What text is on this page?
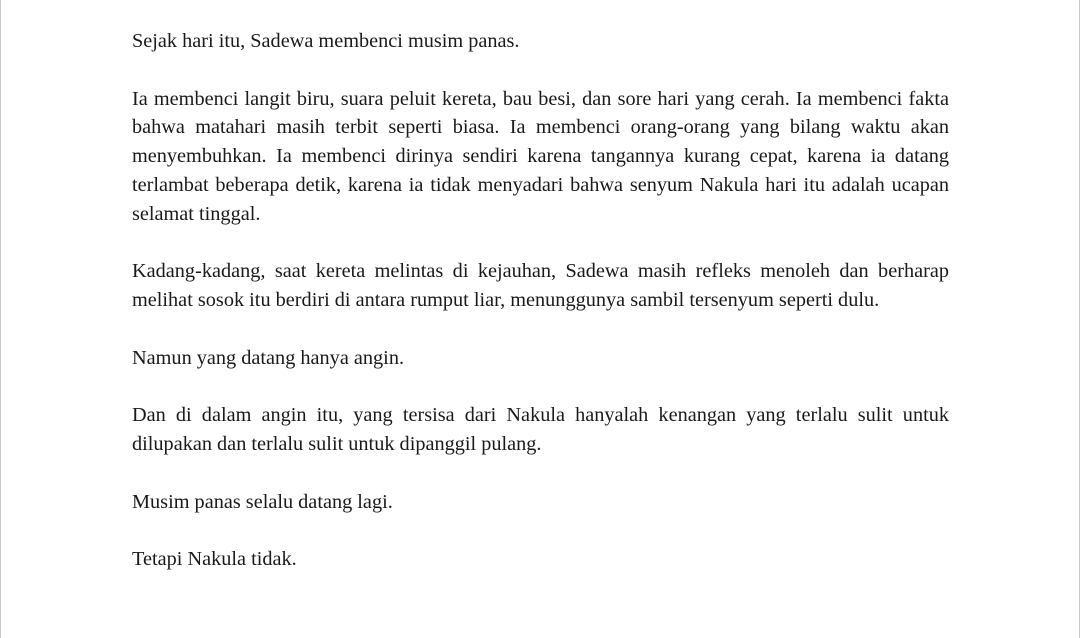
Sejak hari itu, Sadewa membenci musim panas.

Ia membenci langit biru, suara peluit kereta, bau besi, dan sore hari yang cerah. Ia membenci fakta bahwa matahari masih terbit seperti biasa. Ia membenci orang-orang yang bilang waktu akan menyembuhkan. Ia membenci dirinya sendiri karena tangannya kurang cepat, karena ia datang terlambat beberapa detik, karena ia tidak menyadari bahwa senyum Nakula hari itu adalah ucapan selamat tinggal.

Kadang-kadang, saat kereta melintas di kejauhan, Sadewa masih refleks menoleh dan berharap melihat sosok itu berdiri di antara rumput liar, menunggunya sambil tersenyum seperti dulu.

Namun yang datang hanya angin.

Dan di dalam angin itu, yang tersisa dari Nakula hanyalah kenangan yang terlalu sulit untuk dilupakan dan terlalu sulit untuk dipanggil pulang.

Musim panas selalu datang lagi.

Tetapi Nakula tidak.
